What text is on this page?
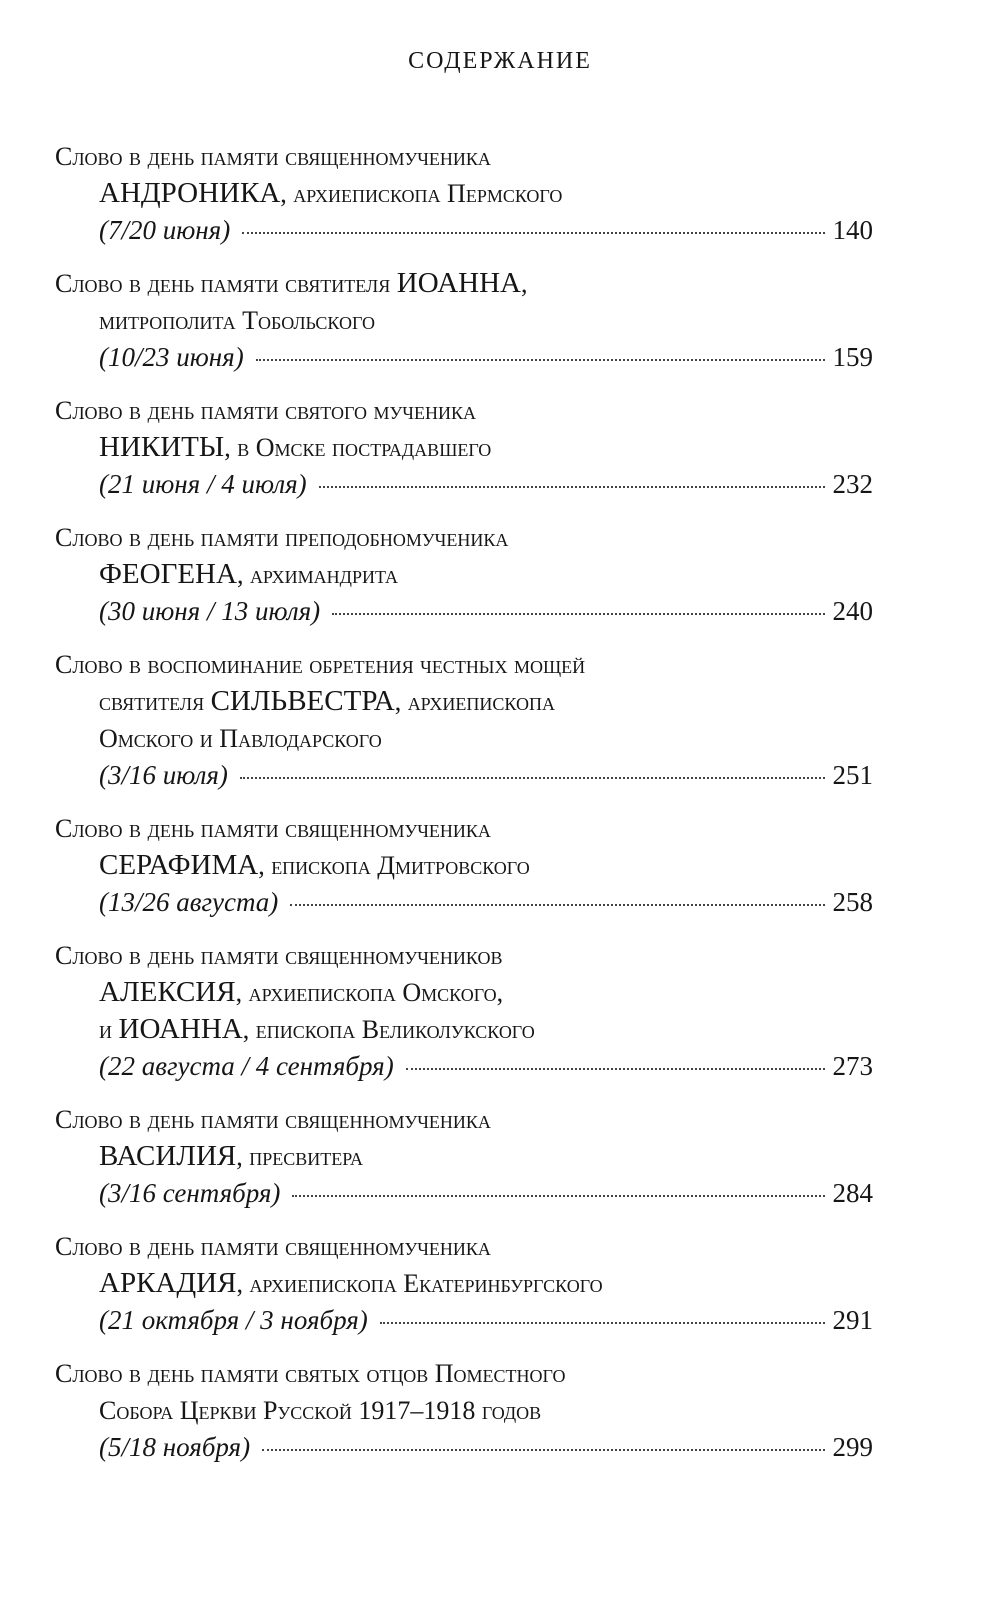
СОДЕРЖАНИЕ
Слово в день памяти священномученика
АНДРОНИКА, архиепископа Пермского
(7/20 июня)	140
Слово в день памяти святителя ИОАННА,
митрополита Тобольского
(10/23 июня)	159
Слово в день памяти святого мученика
НИКИТЫ, в Омске пострадавшего
(21 июня / 4 июля)	232
Слово в день памяти преподобномученика
ФЕОГЕНА, архимандрита
(30 июня / 13 июля)	240
Слово в воспоминание обретения честных мощей
святителя СИЛЬВЕСТРА, архиепископа
Омского и Павлодарского
(3/16 июля)	251
Слово в день памяти священномученика
СЕРАФИМА, епископа Дмитровского
(13/26 августа)	258
Слово в день памяти священномучеников
АЛЕКСИЯ, архиепископа Омского,
и ИОАННА, епископа Великолукского
(22 августа / 4 сентября)	273
Слово в день памяти священномученика
ВАСИЛИЯ, пресвитера
(3/16 сентября)	284
Слово в день памяти священномученика
АРКАДИЯ, архиепископа Екатеринбургского
(21 октября / 3 ноября)	291
Слово в день памяти святых отцов Поместного
Собора Церкви Русской 1917–1918 годов
(5/18 ноября)	299
